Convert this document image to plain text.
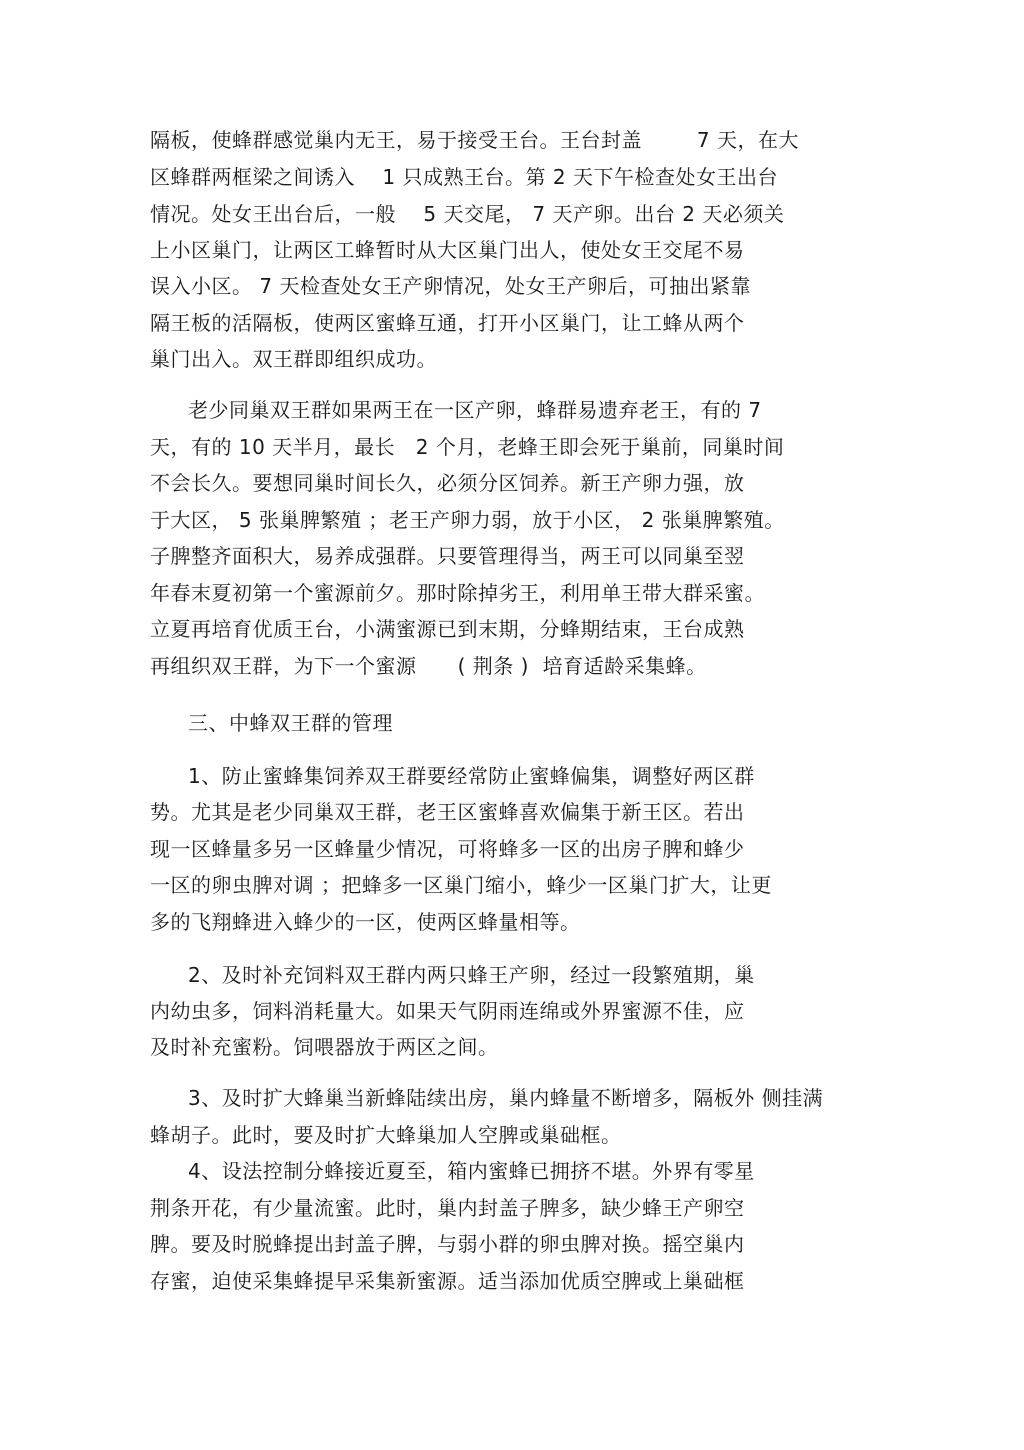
隔板，使蜂群感觉巢内无王，易于接受王台。王台封盖        7 天，在大
区蜂群两框梁之间诱入    1 只成熟王台。第 2 天下午检查处女王出台
情况。处女王出台后，一般    5 天交尾， 7 天产卵。出台 2 天必须关
上小区巢门，让两区工蜂暂时从大区巢门出人，使处女王交尾不易
误入小区。 7 天检查处女王产卵情况，处女王产卵后，可抽出紧靠
隔王板的活隔板，使两区蜜蜂互通，打开小区巢门，让工蜂从两个
巢门出入。双王群即组织成功。
老少同巢双王群如果两王在一区产卵，蜂群易遗弃老王，有的 7
天，有的 10 天半月，最长   2 个月，老蜂王即会死于巢前，同巢时间
不会长久。要想同巢时间长久，必须分区饲养。新王产卵力强，放
于大区， 5 张巢脾繁殖 ；老王产卵力弱，放于小区， 2 张巢脾繁殖。
子脾整齐面积大，易养成强群。只要管理得当，两王可以同巢至翌
年春末夏初第一个蜜源前夕。那时除掉劣王，利用单王带大群采蜜。
立夏再培育优质王台，小满蜜源已到末期，分蜂期结束，王台成熟
再组织双王群，为下一个蜜源      ( 荆条 )  培育适龄采集蜂。
三、中蜂双王群的管理
1、防止蜜蜂集饲养双王群要经常防止蜜蜂偏集，调整好两区群
势。尤其是老少同巢双王群，老王区蜜蜂喜欢偏集于新王区。若出
现一区蜂量多另一区蜂量少情况，可将蜂多一区的出房子脾和蜂少
一区的卵虫脾对调 ；把蜂多一区巢门缩小，蜂少一区巢门扩大，让更
多的飞翔蜂进入蜂少的一区，使两区蜂量相等。
2、及时补充饲料双王群内两只蜂王产卵，经过一段繁殖期，巢
内幼虫多，饲料消耗量大。如果天气阴雨连绵或外界蜜源不佳，应
及时补充蜜粉。饲喂器放于两区之间。
3、及时扩大蜂巢当新蜂陆续出房，巢内蜂量不断增多，隔板外 侧挂满
蜂胡子。此时，要及时扩大蜂巢加人空脾或巢础框。
4、设法控制分蜂接近夏至，箱内蜜蜂已拥挤不堪。外界有零星
荆条开花，有少量流蜜。此时，巢内封盖子脾多，缺少蜂王产卵空
脾。要及时脱蜂提出封盖子脾，与弱小群的卵虫脾对换。摇空巢内
存蜜，迫使采集蜂提早采集新蜜源。适当添加优质空脾或上巢础框
